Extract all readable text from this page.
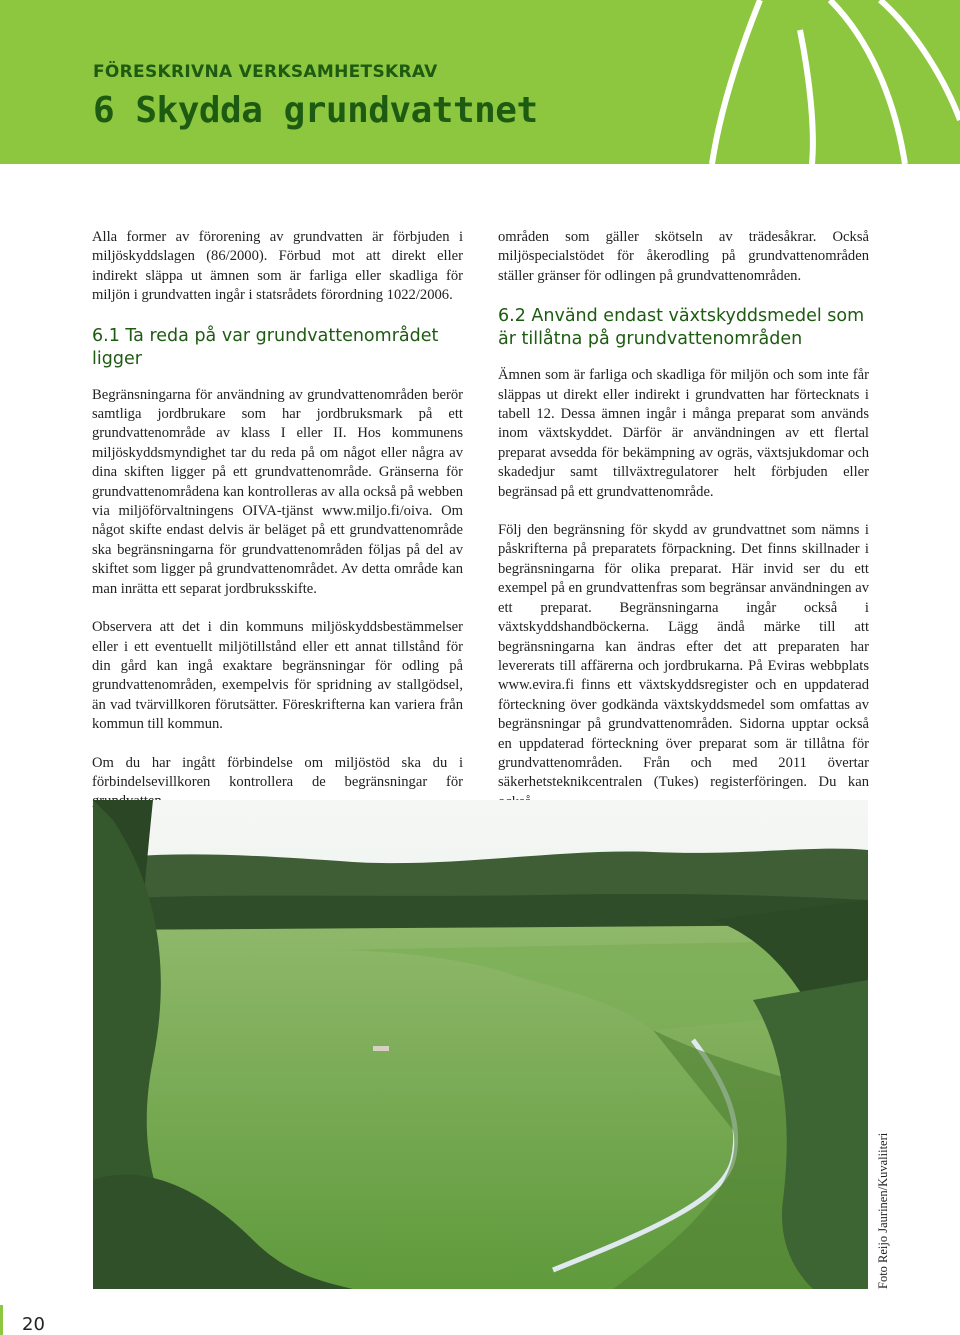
FÖRESKRIVNA VERKSAMHETSKRAV
6 Skydda grundvattnet

Alla former av förorening av grundvatten är förbjuden i miljöskyddslagen (86/2000). Förbud mot att direkt eller indirekt släppa ut ämnen som är farliga eller skadliga för miljön i grundvatten ingår i statsrådets förordning 1022/2006.

6.1 Ta reda på var grundvattenområdet ligger

Begränsningarna för användning av grundvattenområden berör samtliga jordbrukare som har jordbruksmark på ett grundvattenområde av klass I eller II. Hos kommunens miljöskyddsmyndighet tar du reda på om något eller några av dina skiften ligger på ett grundvattenområde. Gränserna för grundvattenområdena kan kontrolleras av alla också på webben via miljöförvaltningens OIVA-tjänst www.miljo.fi/oiva. Om något skifte endast delvis är beläget på ett grundvattenområde ska begränsningarna för grundvattenområden följas på del av skiftet som ligger på grundvattenområdet. Av detta område kan man inrätta ett separat jordbruksskifte.

Observera att det i din kommuns miljöskyddsbestämmelser eller i ett eventuellt miljötillstånd eller ett annat tillstånd för din gård kan ingå exaktare begränsningar för odling på grundvattenområden, exempelvis för spridning av stallgödsel, än vad tvärvillkoren förutsätter. Föreskrifterna kan variera från kommun till kommun.

Om du har ingått förbindelse om miljöstöd ska du i förbindelsevillkoren kontrollera de begränsningar för

områden som gäller skötseln av trädesåkrar. Också miljöspecialstödet för åkerodling på grundvattenområden ställer gränser för odlingen på grundvattenområden.

6.2 Använd endast växtskyddsmedel som är tillåtna på grundvattenområden

Ämnen som är farliga och skadliga för miljön och som inte får släppas ut direkt eller indirekt i grundvatten har förtecknats i tabell 12. Dessa ämnen ingår i många preparat som används inom växtskyddet. Därför är användningen av ett flertal preparat avsedda för bekämpning av ogräs, växtsjukdomar och skadedjur samt tillväxtregulatorer helt förbjuden eller begränsad på ett grundvattenområde.

Följ den begränsning för skydd av grundvattnet som nämns i påskrifterna på preparatets förpackning. Det finns skillnader i begränsningarna för olika preparat. Här invid ser du ett exempel på en grundvattenfras som begränsar användningen av ett preparat. Begränsningarna ingår också i växtskyddshandböckerna. Lägg ändå märke till att begränsningarna kan ändras efter det att preparaten har levererats till affärerna och jordbrukarna. På Eviras webbplats www.evira.fi finns ett växtskyddsregister och en uppdaterad förteckning över godkända växtskyddsmedel som omfattas av begränsningar på grundvattenområden. Sidorna upptar också en uppdaterad förteckning över preparat som är tillåtna för grundvattenområden. Från och med 2011 övertar säkerhetsteknikcentralen (Tukes) registerföringen. Du kan

Foto Reijo Jaurinen/Kuvaliiteri
20
